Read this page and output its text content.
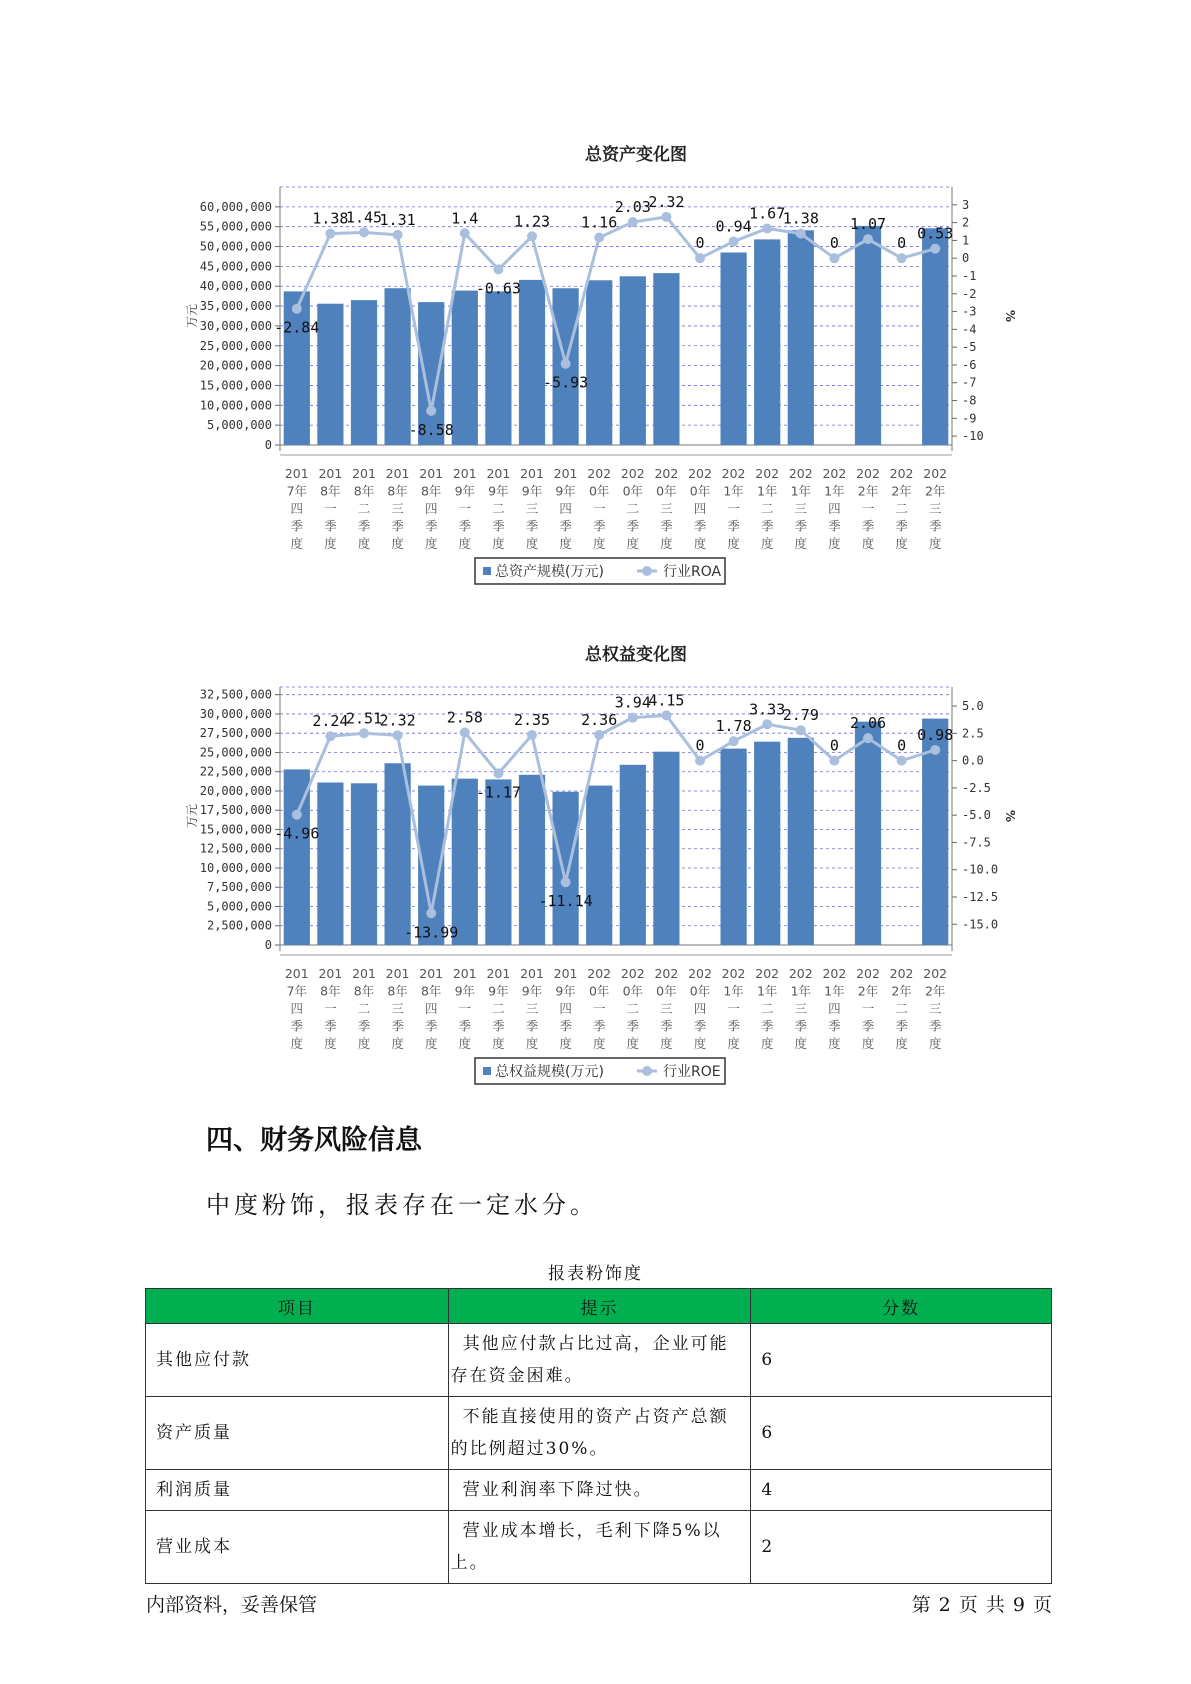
总资产变化图
0
5,000,000
10,000,000
15,000,000
20,000,000
25,000,000
30,000,000
35,000,000
40,000,000
45,000,000
50,000,000
55,000,000
60,000,000
-10
-9
-8
-7
-6
-5
-4
-3
-2
-1
0
1
2
3
万元	%
-2.84
1.38
1.45
1.31
-8.58
1.4
-0.63
1.23
-5.93
1.16
2.03
2.32
0
0.94
1.67
1.38
0
1.07
0
0.53
201 7年四季度
201 8年一季度
201 8年二季度
201 8年三季度
201 8年四季度
201 9年一季度
201 9年二季度
201 9年三季度
201 9年四季度
202 0年一季度
202 0年二季度
202 0年三季度
202 0年四季度
202 1年一季度
202 1年二季度
202 1年三季度
202 1年四季度
202 2年一季度
202 2年二季度
202 2年三季度
总资产规模(万元)	行业ROA
总权益变化图
0
2,500,000
5,000,000
7,500,000
10,000,000
12,500,000
15,000,000
17,500,000
20,000,000
22,500,000
25,000,000
27,500,000
30,000,000
32,500,000
-15.0
-12.5
-10.0
-7.5
-5.0
-2.5
0.0
2.5
5.0
万元	%
-4.96
2.24
2.51
2.32
-13.99
2.58
-1.17
2.35
-11.14
2.36
3.94
4.15
0
1.78
3.33
2.79
0
2.06
0
0.98
201 7年四季度
201 8年一季度
201 8年二季度
201 8年三季度
201 8年四季度
201 9年一季度
201 9年二季度
201 9年三季度
201 9年四季度
202 0年一季度
202 0年二季度
202 0年三季度
202 0年四季度
202 1年一季度
202 1年二季度
202 1年三季度
202 1年四季度
202 2年一季度
202 2年二季度
202 2年三季度
总权益规模(万元)	行业ROE
四、财务风险信息

中度粉饰，报表存在一定水分。

报表粉饰度
项目	提示	分数
其他应付款	其他应付款占比过高，企业可能
存在资金困难。	6
资产质量	不能直接使用的资产占资产总额
的比例超过30%。	6
利润质量	营业利润率下降过快。	4
营业成本	营业成本增长，毛利下降5%以上。	2
内部资料，妥善保管	第 2 页 共 9 页
